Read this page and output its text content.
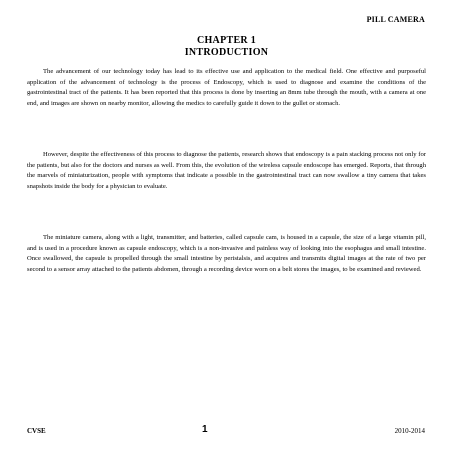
PILL CAMERA
CHAPTER 1
INTRODUCTION

The advancement of our technology today has lead to its effective use and application to the medical field. One effective and purposeful application of the advancement of technology is the process of Endoscopy, which is used to diagnose and examine the conditions of the gastrointestinal tract of the patients. It has been reported that this process is done by inserting an 8mm tube through the mouth, with a camera at one end, and images are shown on nearby monitor, allowing the medics to carefully guide it down to the gullet or stomach.

However, despite the effectiveness of this process to diagnose the patients, research shows that endoscopy is a pain stacking process not only for the patients, but also for the doctors and nurses as well. From this, the evolution of the wireless capsule endoscope has emerged. Reports, that through the marvels of miniaturization, people with symptoms that indicate a possible in the gastrointestinal tract can now swallow a tiny camera that takes snapshots inside the body for a physician to evaluate.

The miniature camera, along with a light, transmitter, and batteries, called capsule cam, is housed in a capsule, the size of a large vitamin pill, and is used in a procedure known as capsule endoscopy, which is a non-invasive and painless way of looking into the esophagus and small intestine. Once swallowed, the capsule is propelled through the small intestine by peristalsis, and acquires and transmits digital images at the rate of two per second to a sensor array attached to the patients abdomen, through a recording device worn on a belt stores the images, to be examined and reviewed.

CVSE	1	2010-2014
